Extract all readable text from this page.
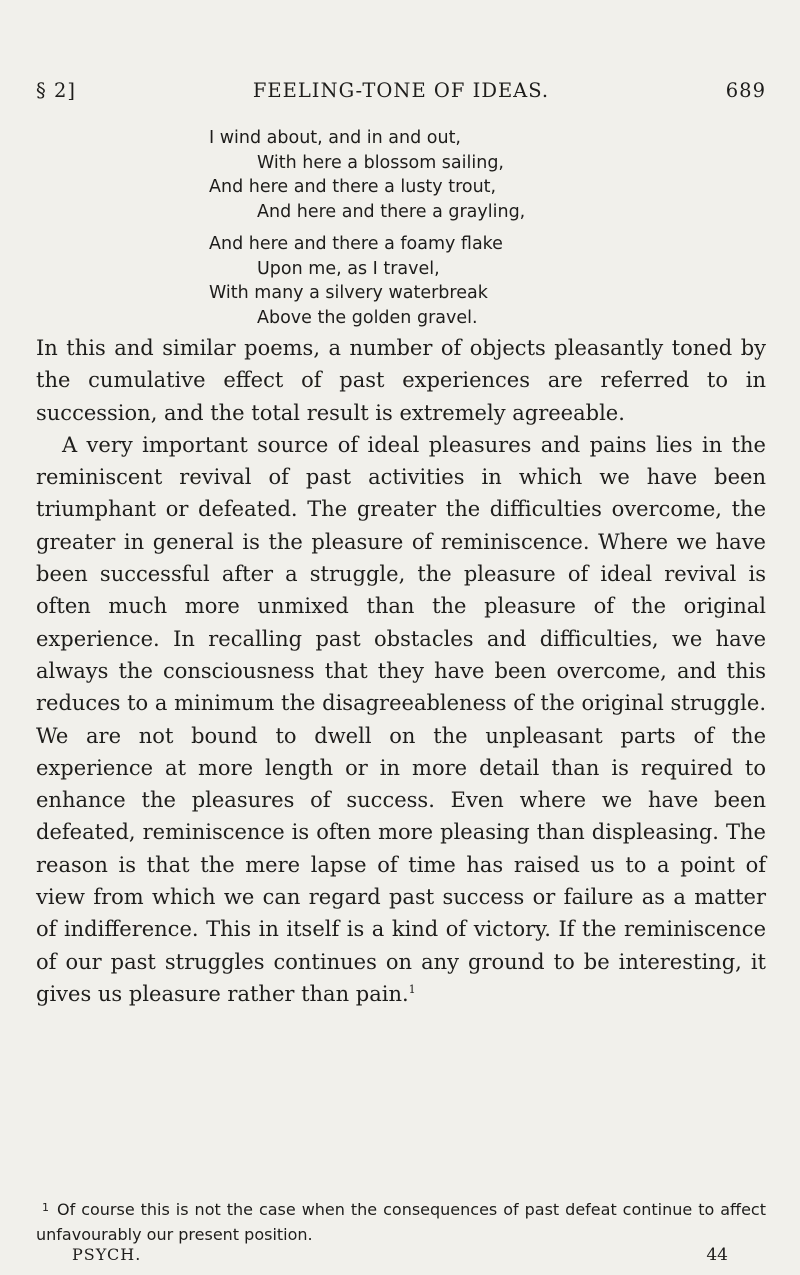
§ 2]	FEELING-TONE OF IDEAS.	689
I wind about, and in and out,
With here a blossom sailing,
And here and there a lusty trout,
And here and there a grayling,
And here and there a foamy flake
Upon me, as I travel,
With many a silvery waterbreak
Above the golden gravel.

In this and similar poems, a number of objects pleasantly toned by the cumulative effect of past experiences are referred to in succession, and the total result is extremely agreeable.

A very important source of ideal pleasures and pains lies in the reminiscent revival of past activities in which we have been triumphant or defeated. The greater the difficulties overcome, the greater in general is the pleasure of reminiscence. Where we have been successful after a struggle, the pleasure of ideal revival is often much more unmixed than the pleasure of the original experience. In recalling past obstacles and difficulties, we have always the consciousness that they have been overcome, and this reduces to a minimum the disagreeableness of the original struggle. We are not bound to dwell on the unpleasant parts of the experience at more length or in more detail than is required to enhance the pleasures of success. Even where we have been defeated, reminiscence is often more pleasing than displeasing. The reason is that the mere lapse of time has raised us to a point of view from which we can regard past success or failure as a matter of indifference. This in itself is a kind of victory. If the reminiscence of our past struggles continues on any ground to be interesting, it gives us pleasure rather than pain.$^1$

$^1$ Of course this is not the case when the consequences of past defeat continue to affect unfavourably our present position.
PSYCH.	44
